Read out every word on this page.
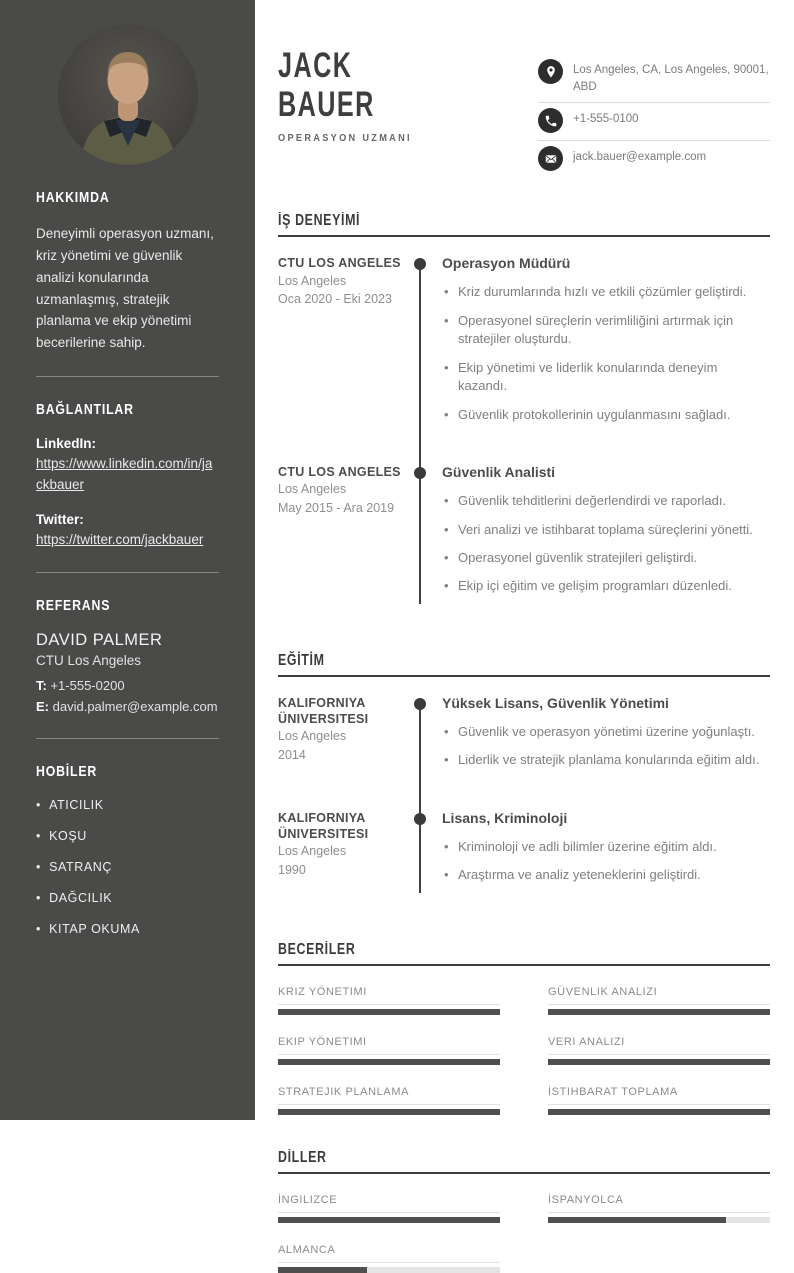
HAKKIMDA

Deneyimli operasyon uzmanı, kriz yönetimi ve güvenlik analizi konularında uzmanlaşmış, stratejik planlama ve ekip yönetimi becerilerine sahip.

BAĞLANTILAR
LinkedIn:
https://www.linkedin.com/in/jackbauer
Twitter:
https://twitter.com/jackbauer
REFERANS
DAVID PALMER
CTU Los Angeles
T: +1-555-0200
E: david.palmer@example.com
HOBİLER
• ATICILIK
• KOŞU
• SATRANÇ
• DAĞCILIK
• KITAP OKUMA
JACK
BAUER
OPERASYON UZMANI
Los Angeles, CA, Los Angeles, 90001, ABD
+1-555-0100
jack.bauer@example.com
İŞ DENEYİMİ
CTU LOS ANGELES
Los Angeles
Oca 2020 - Eki 2023
Operasyon Müdürü
• Kriz durumlarında hızlı ve etkili çözümler geliştirdi.
• Operasyonel süreçlerin verimliliğini artırmak için stratejiler oluşturdu.
• Ekip yönetimi ve liderlik konularında deneyim kazandı.
• Güvenlik protokollerinin uygulanmasını sağladı.
CTU LOS ANGELES
Los Angeles
May 2015 - Ara 2019
Güvenlik Analisti
• Güvenlik tehditlerini değerlendirdi ve raporladı.
• Veri analizi ve istihbarat toplama süreçlerini yönetti.
• Operasyonel güvenlik stratejileri geliştirdi.
• Ekip içi eğitim ve gelişim programları düzenledi.
EĞİTİM
KALIFORNIYA ÜNIVERSITESI
Los Angeles
2014
Yüksek Lisans, Güvenlik Yönetimi
• Güvenlik ve operasyon yönetimi üzerine yoğunlaştı.
• Liderlik ve stratejik planlama konularında eğitim aldı.
KALIFORNIYA ÜNIVERSITESI
Los Angeles
1990
Lisans, Kriminoloji
• Kriminoloji ve adli bilimler üzerine eğitim aldı.
• Araştırma ve analiz yeteneklerini geliştirdi.
BECERİLER
KRIZ YÖNETIMI	GÜVENLIK ANALIZI
EKIP YÖNETIMI	VERI ANALIZI
STRATEJIK PLANLAMA	İSTIHBARAT TOPLAMA
DİLLER
İNGILIZCE	İSPANYOLCA
ALMANCA
